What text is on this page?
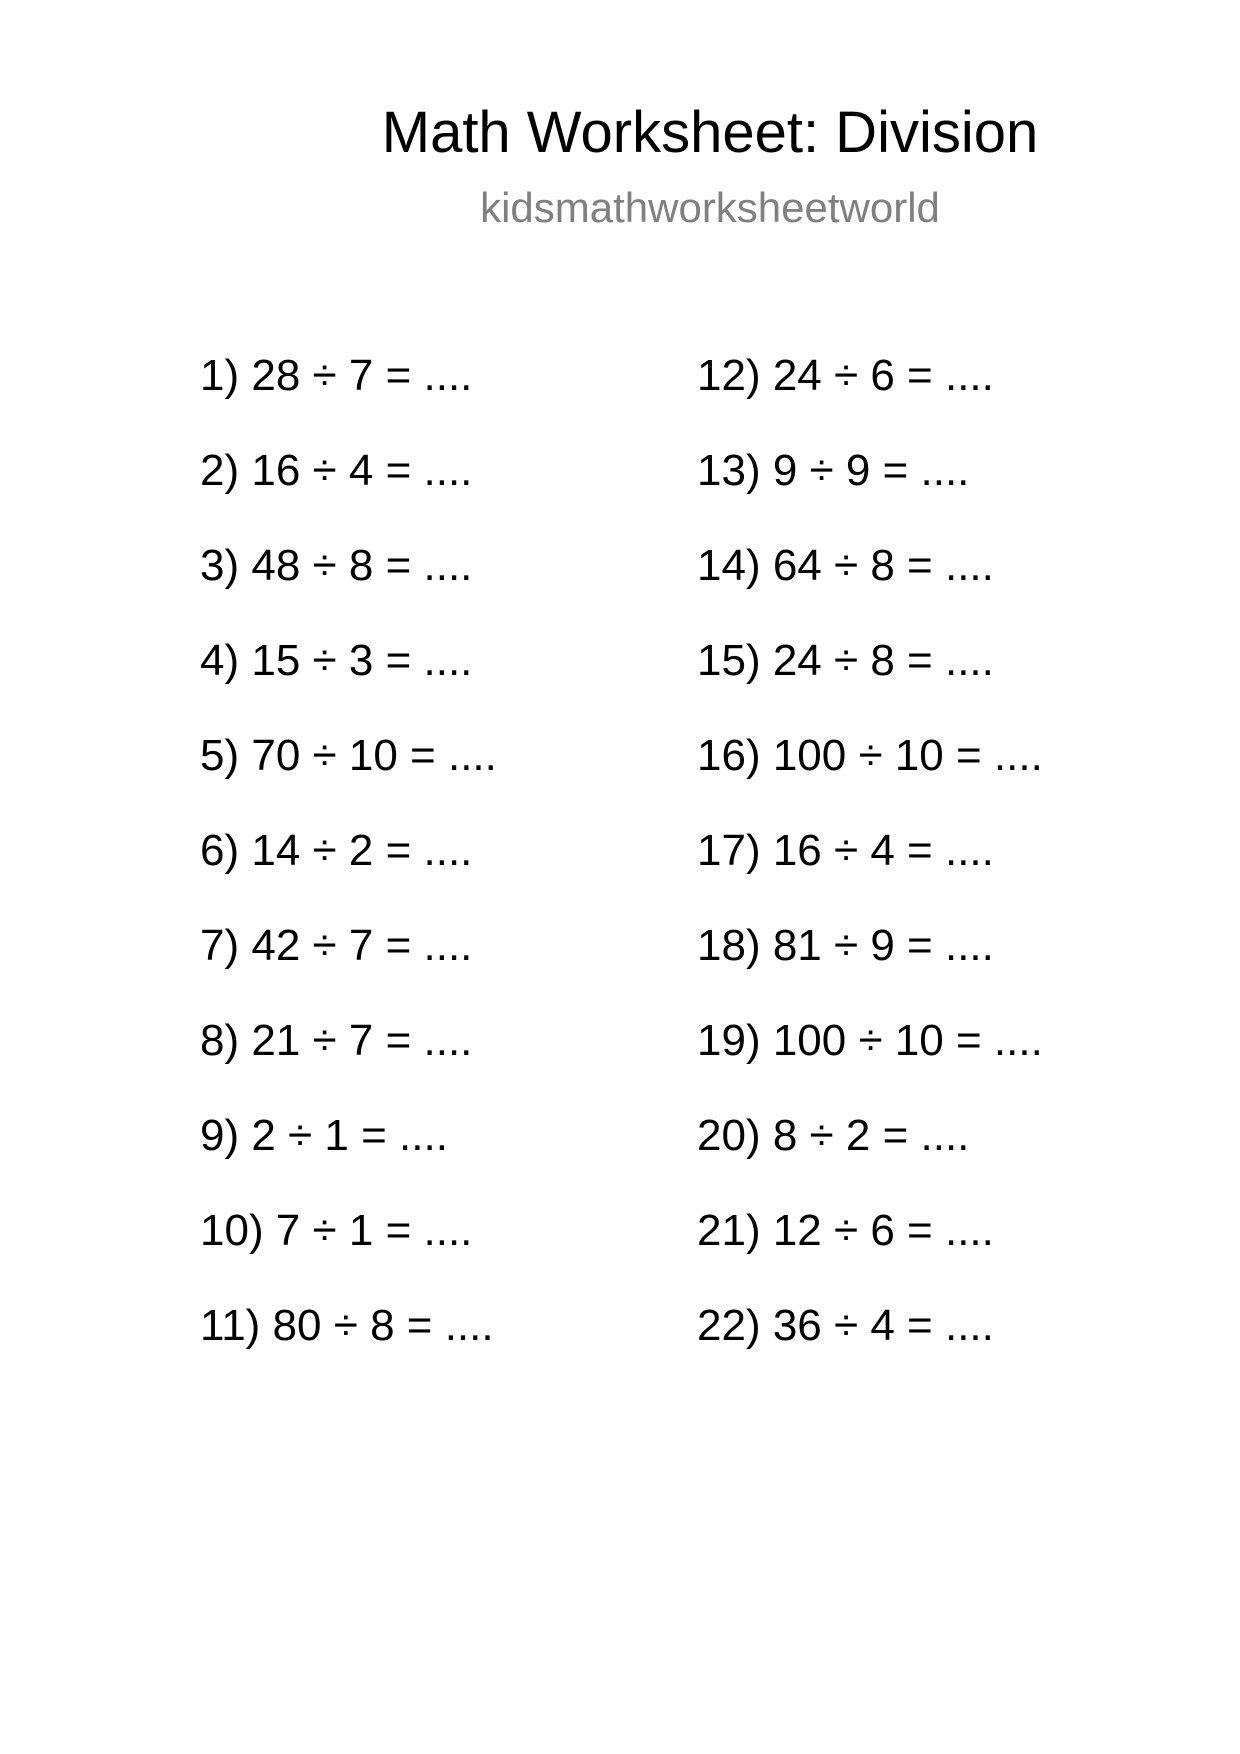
Math Worksheet: Division
kidsmathworksheetworld
1) 28 ÷ 7 = ....
2) 16 ÷ 4 = ....
3) 48 ÷ 8 = ....
4) 15 ÷ 3 = ....
5) 70 ÷ 10 = ....
6) 14 ÷ 2 = ....
7) 42 ÷ 7 = ....
8) 21 ÷ 7 = ....
9) 2 ÷ 1 = ....
10) 7 ÷ 1 = ....
11) 80 ÷ 8 = ....
12) 24 ÷ 6 = ....
13) 9 ÷ 9 = ....
14) 64 ÷ 8 = ....
15) 24 ÷ 8 = ....
16) 100 ÷ 10 = ....
17) 16 ÷ 4 = ....
18) 81 ÷ 9 = ....
19) 100 ÷ 10 = ....
20) 8 ÷ 2 = ....
21) 12 ÷ 6 = ....
22) 36 ÷ 4 = ....
